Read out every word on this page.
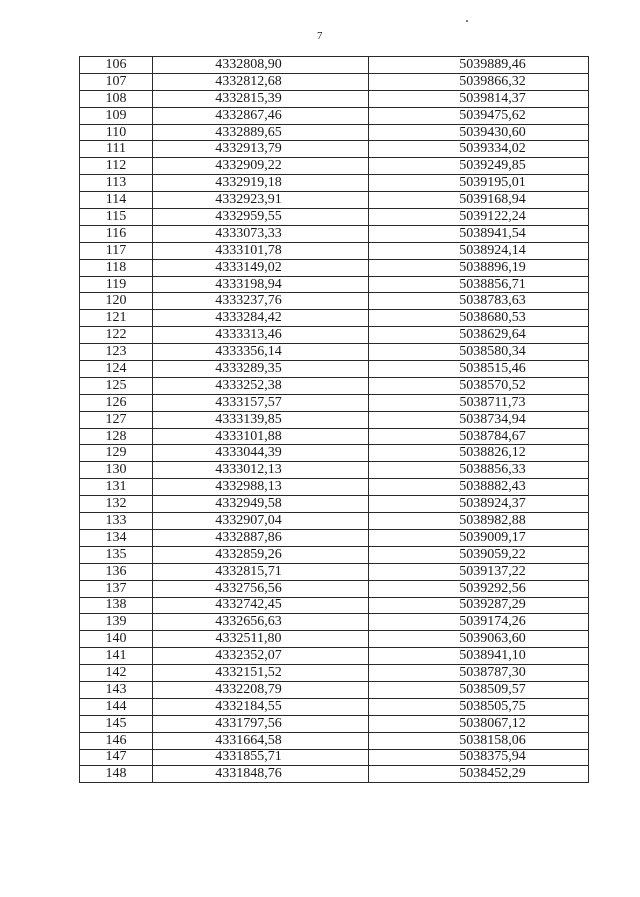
7
106	4332808,90	5039889,46
107	4332812,68	5039866,32
108	4332815,39	5039814,37
109	4332867,46	5039475,62
110	4332889,65	5039430,60
111	4332913,79	5039334,02
112	4332909,22	5039249,85
113	4332919,18	5039195,01
114	4332923,91	5039168,94
115	4332959,55	5039122,24
116	4333073,33	5038941,54
117	4333101,78	5038924,14
118	4333149,02	5038896,19
119	4333198,94	5038856,71
120	4333237,76	5038783,63
121	4333284,42	5038680,53
122	4333313,46	5038629,64
123	4333356,14	5038580,34
124	4333289,35	5038515,46
125	4333252,38	5038570,52
126	4333157,57	5038711,73
127	4333139,85	5038734,94
128	4333101,88	5038784,67
129	4333044,39	5038826,12
130	4333012,13	5038856,33
131	4332988,13	5038882,43
132	4332949,58	5038924,37
133	4332907,04	5038982,88
134	4332887,86	5039009,17
135	4332859,26	5039059,22
136	4332815,71	5039137,22
137	4332756,56	5039292,56
138	4332742,45	5039287,29
139	4332656,63	5039174,26
140	4332511,80	5039063,60
141	4332352,07	5038941,10
142	4332151,52	5038787,30
143	4332208,79	5038509,57
144	4332184,55	5038505,75
145	4331797,56	5038067,12
146	4331664,58	5038158,06
147	4331855,71	5038375,94
148	4331848,76	5038452,29
